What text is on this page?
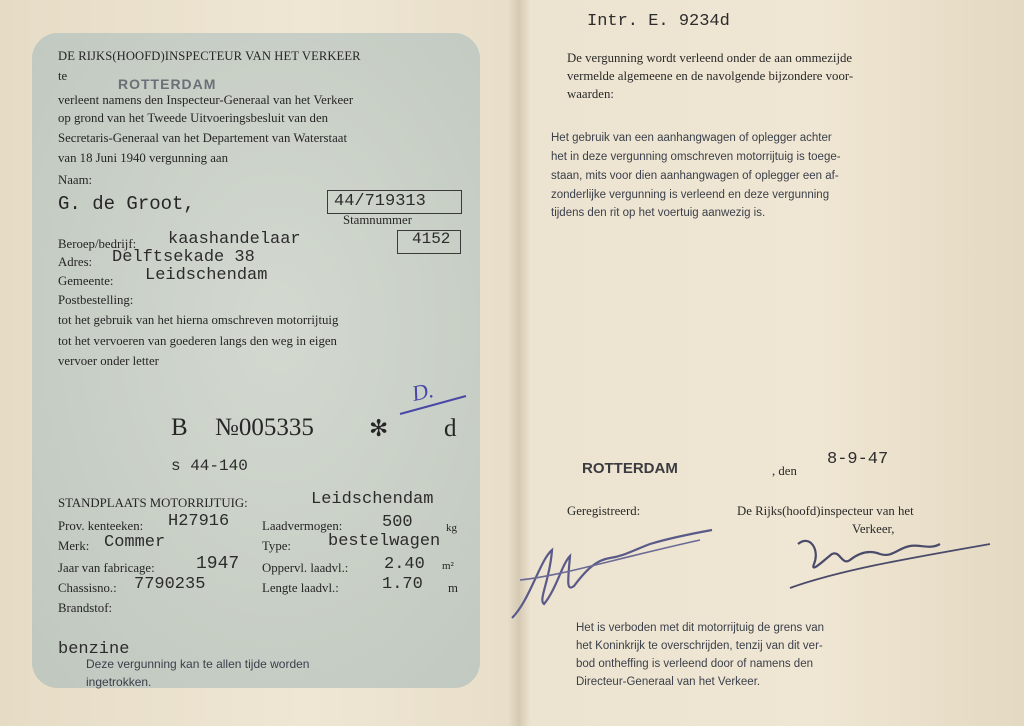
DE RIJKS(HOOFD)INSPECTEUR VAN HET VERKEER
te	ROTTERDAM
verleent namens den Inspecteur-Generaal van het Verkeer
op grond van het Tweede Uitvoeringsbesluit van den
Secretaris-Generaal van het Departement van Waterstaat
van 18 Juni 1940 vergunning aan
Naam:
G. de Groot,	44/719313
Stamnummer
Beroep/bedrijf: kaashandelaar	4152
Adres: Delftsekade 38
Gemeente: Leidschendam
Postbestelling:
tot het gebruik van het hierna omschreven motorrijtuig
tot het vervoeren van goederen langs den weg in eigen
vervoer onder letter
B №005335 ✻ d
D.
s 44-140
STANDPLAATS MOTORRIJTUIG:	Leidschendam
Prov. kenteeken: H27916	Laadvermogen: 500	kg
Merk: Commer	Type: bestelwagen
Jaar van fabricage: 1947 Oppervl. laadvl.: 2.40 m²
Chassisno.: 7790235	Lengte laadvl.:	1.70 m
Brandstof:
benzine
Deze vergunning kan te allen tijde worden
ingetrokken.
Intr. E. 9234d
De vergunning wordt verleend onder de aan ommezijde
vermelde algemeene en de navolgende bijzondere voor-
waarden:
Het gebruik van een aanhangwagen of oplegger achter
het in deze vergunning omschreven motorrijtuig is toege-
staan, mits voor dien aanhangwagen of oplegger een af-
zonderlijke vergunning is verleend en deze vergunning
tijdens den rit op het voertuig aanwezig is.
ROTTERDAM	, den
8-9-47
Geregistreerd:	De Rijks(hoofd)inspecteur van het
Verkeer,
Het is verboden met dit motorrijtuig de grens van
het Koninkrijk te overschrijden, tenzij van dit ver-
bod ontheffing is verleend door of namens den
Directeur-Generaal van het Verkeer.
